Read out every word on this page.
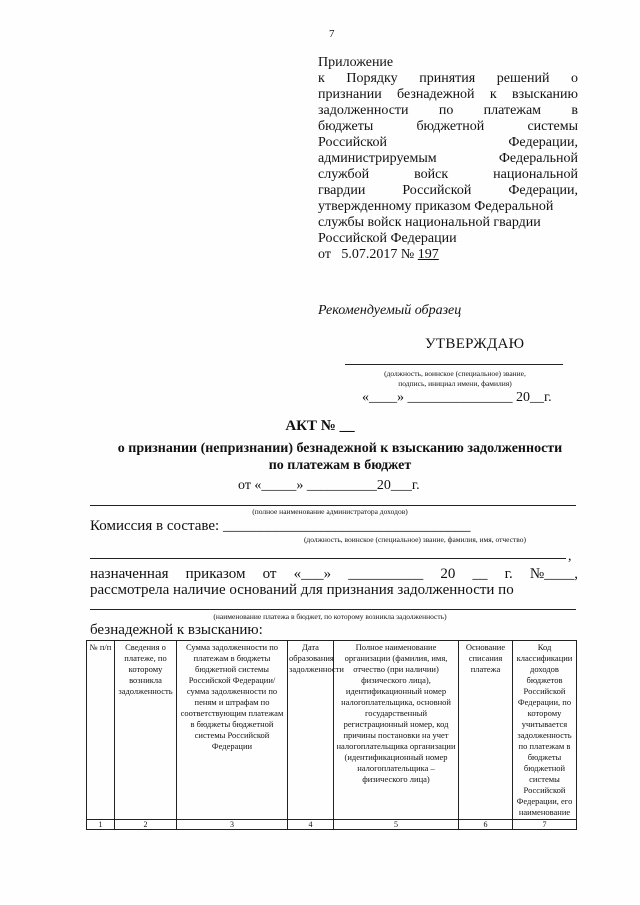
7
Приложение
к Порядку принятия решений о
признании безнадежной к взысканию
задолженности по платежам в
бюджеты	бюджетной	системы
Российской	Федерации,
администрируемым	Федеральной
службой	войск	национальной
гвардии	Российской	Федерации,
утвержденному приказом Федеральной
службы войск национальной гвардии
Российской Федерации
от   5.07.2017 № 197
Рекомендуемый образец
УТВЕРЖДАЮ
(должность, воинское (специальное) звание,
подпись, инициал имени, фамилия)
«____» _______________ 20__г.
АКТ № __
о признании (непризнании) безнадежной к взысканию задолженности
по платежам в бюджет
от «_____» __________20___г.
(полное наименование администратора доходов)
Комиссия в составе: _________________________________
(должность, воинское (специальное) звание, фамилия, имя, отчество)
,
назначенная приказом от «___» __________ 20 __ г. №____,
рассмотрела наличие оснований для признания задолженности по
(наименование платежа в бюджет, по которому возникла задолженность)
безнадежной к взысканию:
№ п/п	Сведения о платеже, по которому возникла задолженность	Сумма задолженности по платежам в бюджеты бюджетной системы Российской Федерации/сумма задолженности по пеням и штрафам по соответствующим платежам в бюджеты бюджетной системы Российской Федерации	Дата образования задолженности	Полное наименование организации (фамилия, имя, отчество (при наличии) физического лица), идентификационный номер налогоплательщика, основной государственный регистрационный номер, код причины постановки на учет налогоплательщика организации (идентификационный номер налогоплательщика – физического лица)	Основание списания платежа	Код классификации доходов бюджетов Российской Федерации, по которому учитывается задолженность по платежам в бюджеты бюджетной системы Российской Федерации, его наименование
1	2	3	4	5	6	7
